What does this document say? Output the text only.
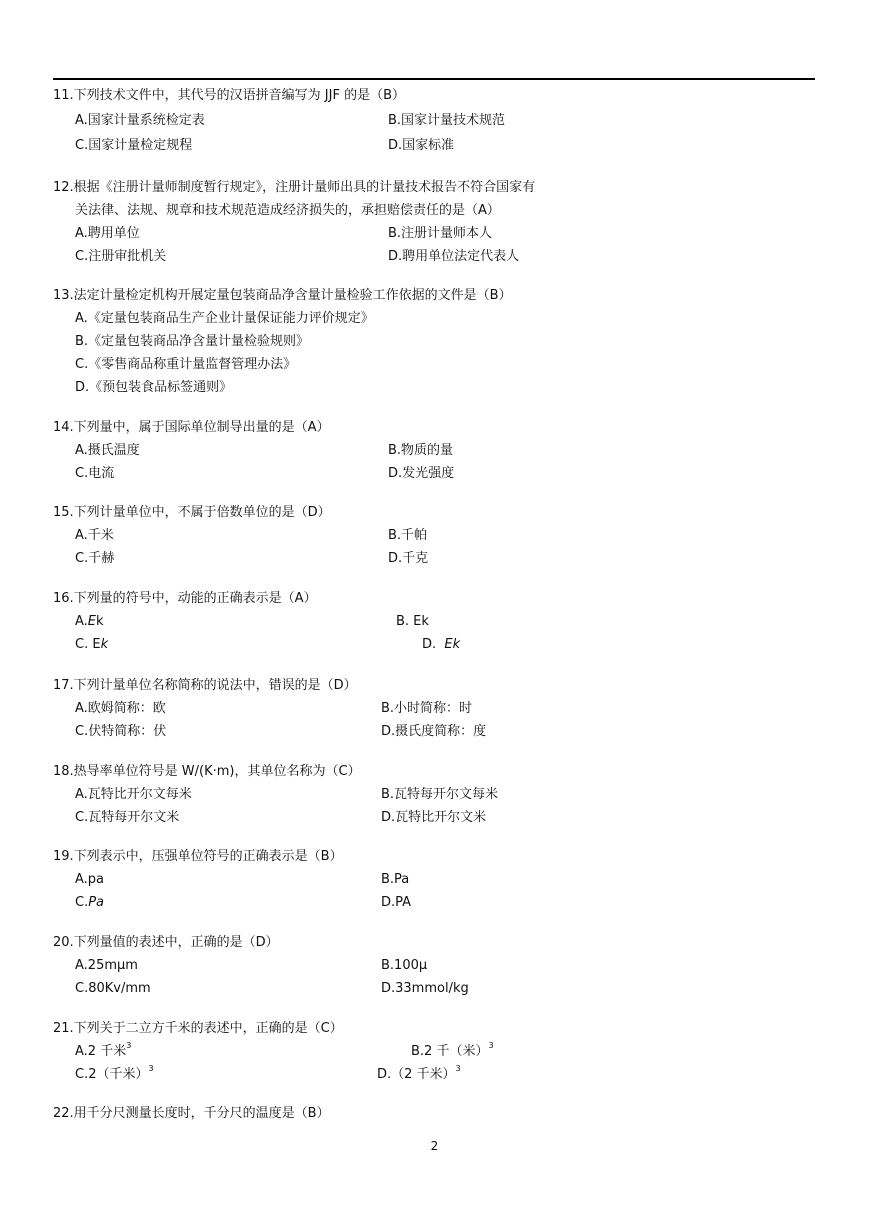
11.下列技术文件中，其代号的汉语拼音编写为 JJF 的是（B）
A.国家计量系统检定表	B.国家计量技术规范
C.国家计量检定规程	D.国家标准
12.根据《注册计量师制度暂行规定》，注册计量师出具的计量技术报告不符合国家有
关法律、法规、规章和技术规范造成经济损失的，承担赔偿责任的是（A）
A.聘用单位	B.注册计量师本人
C.注册审批机关	D.聘用单位法定代表人
13.法定计量检定机构开展定量包装商品净含量计量检验工作依据的文件是（B）
A.《定量包装商品生产企业计量保证能力评价规定》
B.《定量包装商品净含量计量检验规则》
C.《零售商品称重计量监督管理办法》
D.《预包装食品标签通则》
14.下列量中，属于国际单位制导出量的是（A）
A.摄氏温度	B.物质的量
C.电流	D.发光强度
15.下列计量单位中，不属于倍数单位的是（D）
A.千米	B.千帕
C.千赫	D.千克
16.下列量的符号中，动能的正确表示是（A）
A.Ek	B. Ek
C. Ek	D. Ek
17.下列计量单位名称简称的说法中，错误的是（D）
A.欧姆简称：欧	B.小时简称：时
C.伏特简称：伏	D.摄氏度简称：度
18.热导率单位符号是 W/(K·m)，其单位名称为（C）
A.瓦特比开尔文每米	B.瓦特每开尔文每米
C.瓦特每开尔文米	D.瓦特比开尔文米
19.下列表示中，压强单位符号的正确表示是（B）
A.pa	B.Pa
C.Pa	D.PA
20.下列量值的表述中，正确的是（D）
A.25mμm	B.100μ
C.80Kv/mm	D.33mmol/kg
21.下列关于二立方千米的表述中，正确的是（C）
A.2 千米$^3$	B.2 千（米）$^3$
C.2（千米）$^3$	D.（2 千米）$^3$
22.用千分尺测量长度时，千分尺的温度是（B）
2
